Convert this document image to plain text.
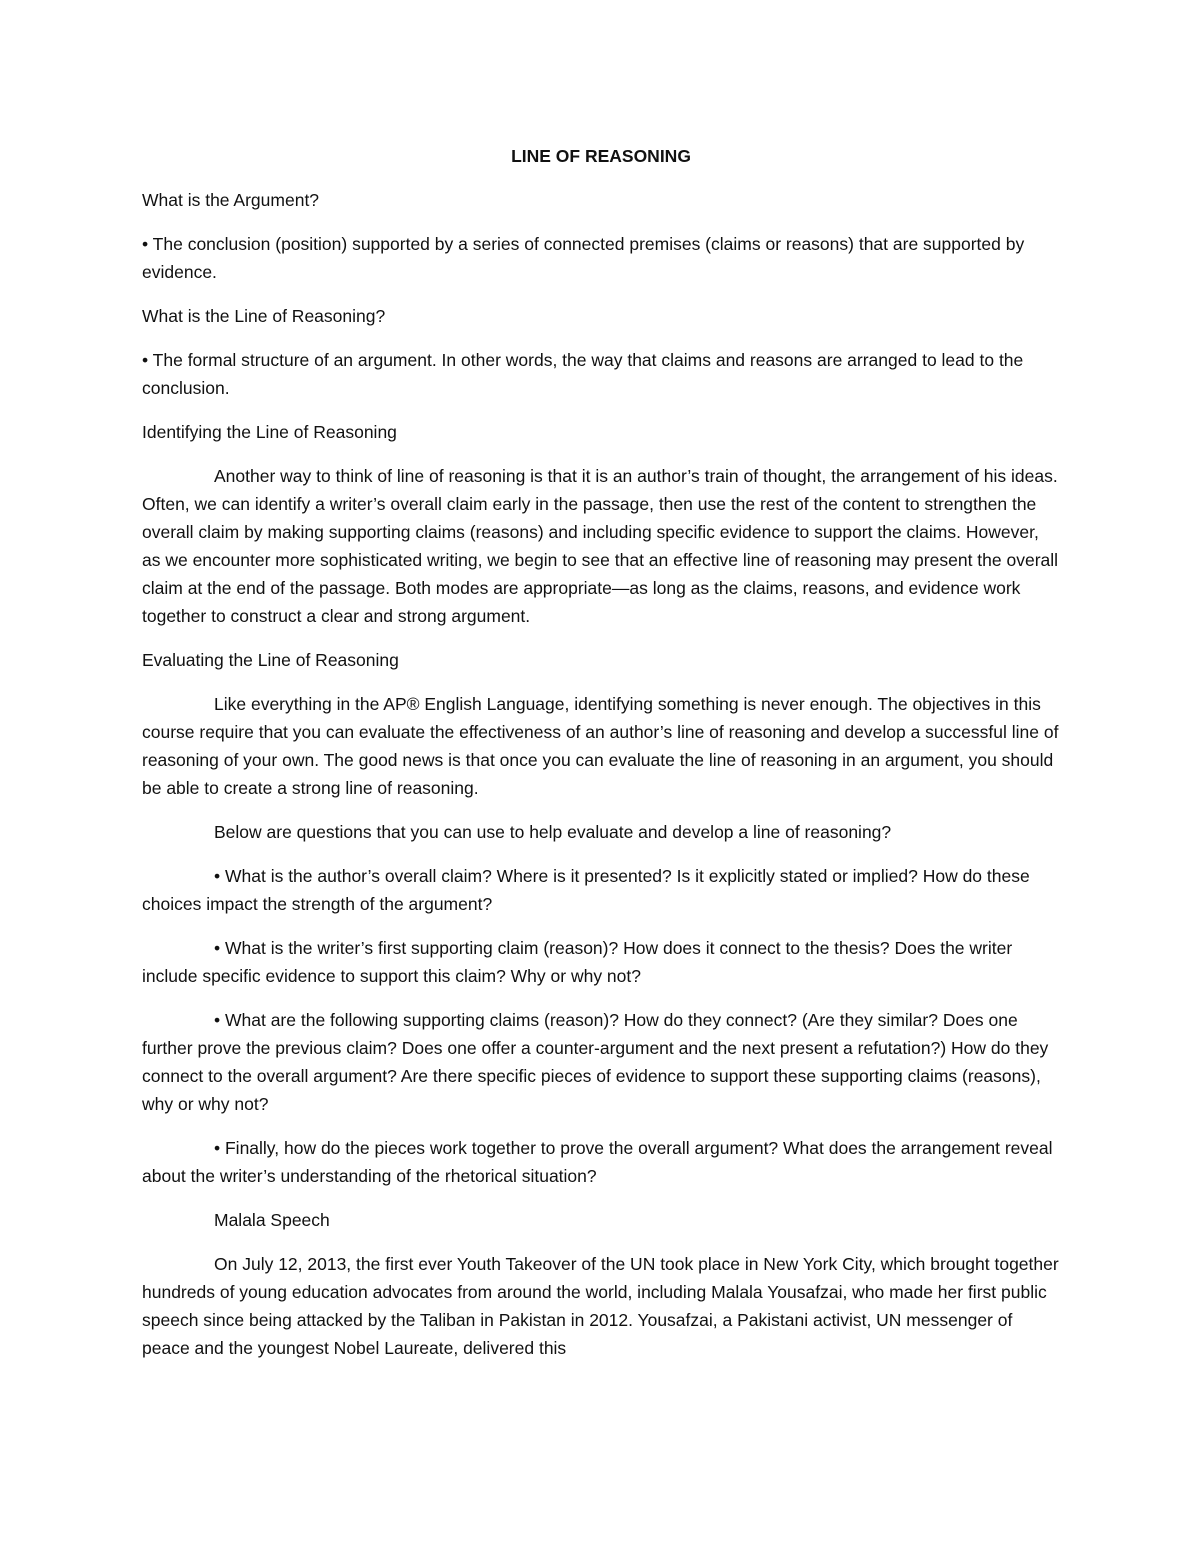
LINE OF REASONING
What is the Argument?
• The conclusion (position) supported by a series of connected premises (claims or reasons) that are supported by evidence.
What is the Line of Reasoning?
• The formal structure of an argument. In other words, the way that claims and reasons are arranged to lead to the conclusion.
Identifying the Line of Reasoning
Another way to think of line of reasoning is that it is an author’s train of thought, the arrangement of his ideas. Often, we can identify a writer’s overall claim early in the passage, then use the rest of the content to strengthen the overall claim by making supporting claims (reasons) and including specific evidence to support the claims. However, as we encounter more sophisticated writing, we begin to see that an effective line of reasoning may present the overall claim at the end of the passage. Both modes are appropriate—as long as the claims, reasons, and evidence work together to construct a clear and strong argument.
Evaluating the Line of Reasoning
Like everything in the AP® English Language, identifying something is never enough. The objectives in this course require that you can evaluate the effectiveness of an author’s line of reasoning and develop a successful line of reasoning of your own. The good news is that once you can evaluate the line of reasoning in an argument, you should be able to create a strong line of reasoning.
Below are questions that you can use to help evaluate and develop a line of reasoning?
• What is the author’s overall claim? Where is it presented? Is it explicitly stated or implied? How do these choices impact the strength of the argument?
• What is the writer’s first supporting claim (reason)? How does it connect to the thesis? Does the writer include specific evidence to support this claim? Why or why not?
• What are the following supporting claims (reason)? How do they connect? (Are they similar? Does one further prove the previous claim? Does one offer a counter-argument and the next present a refutation?) How do they connect to the overall argument? Are there specific pieces of evidence to support these supporting claims (reasons), why or why not?
• Finally, how do the pieces work together to prove the overall argument? What does the arrangement reveal about the writer’s understanding of the rhetorical situation?
Malala Speech
On July 12, 2013, the first ever Youth Takeover of the UN took place in New York City, which brought together hundreds of young education advocates from around the world, including Malala Yousafzai, who made her first public speech since being attacked by the Taliban in Pakistan in 2012. Yousafzai, a Pakistani activist, UN messenger of peace and the youngest Nobel Laureate, delivered this
